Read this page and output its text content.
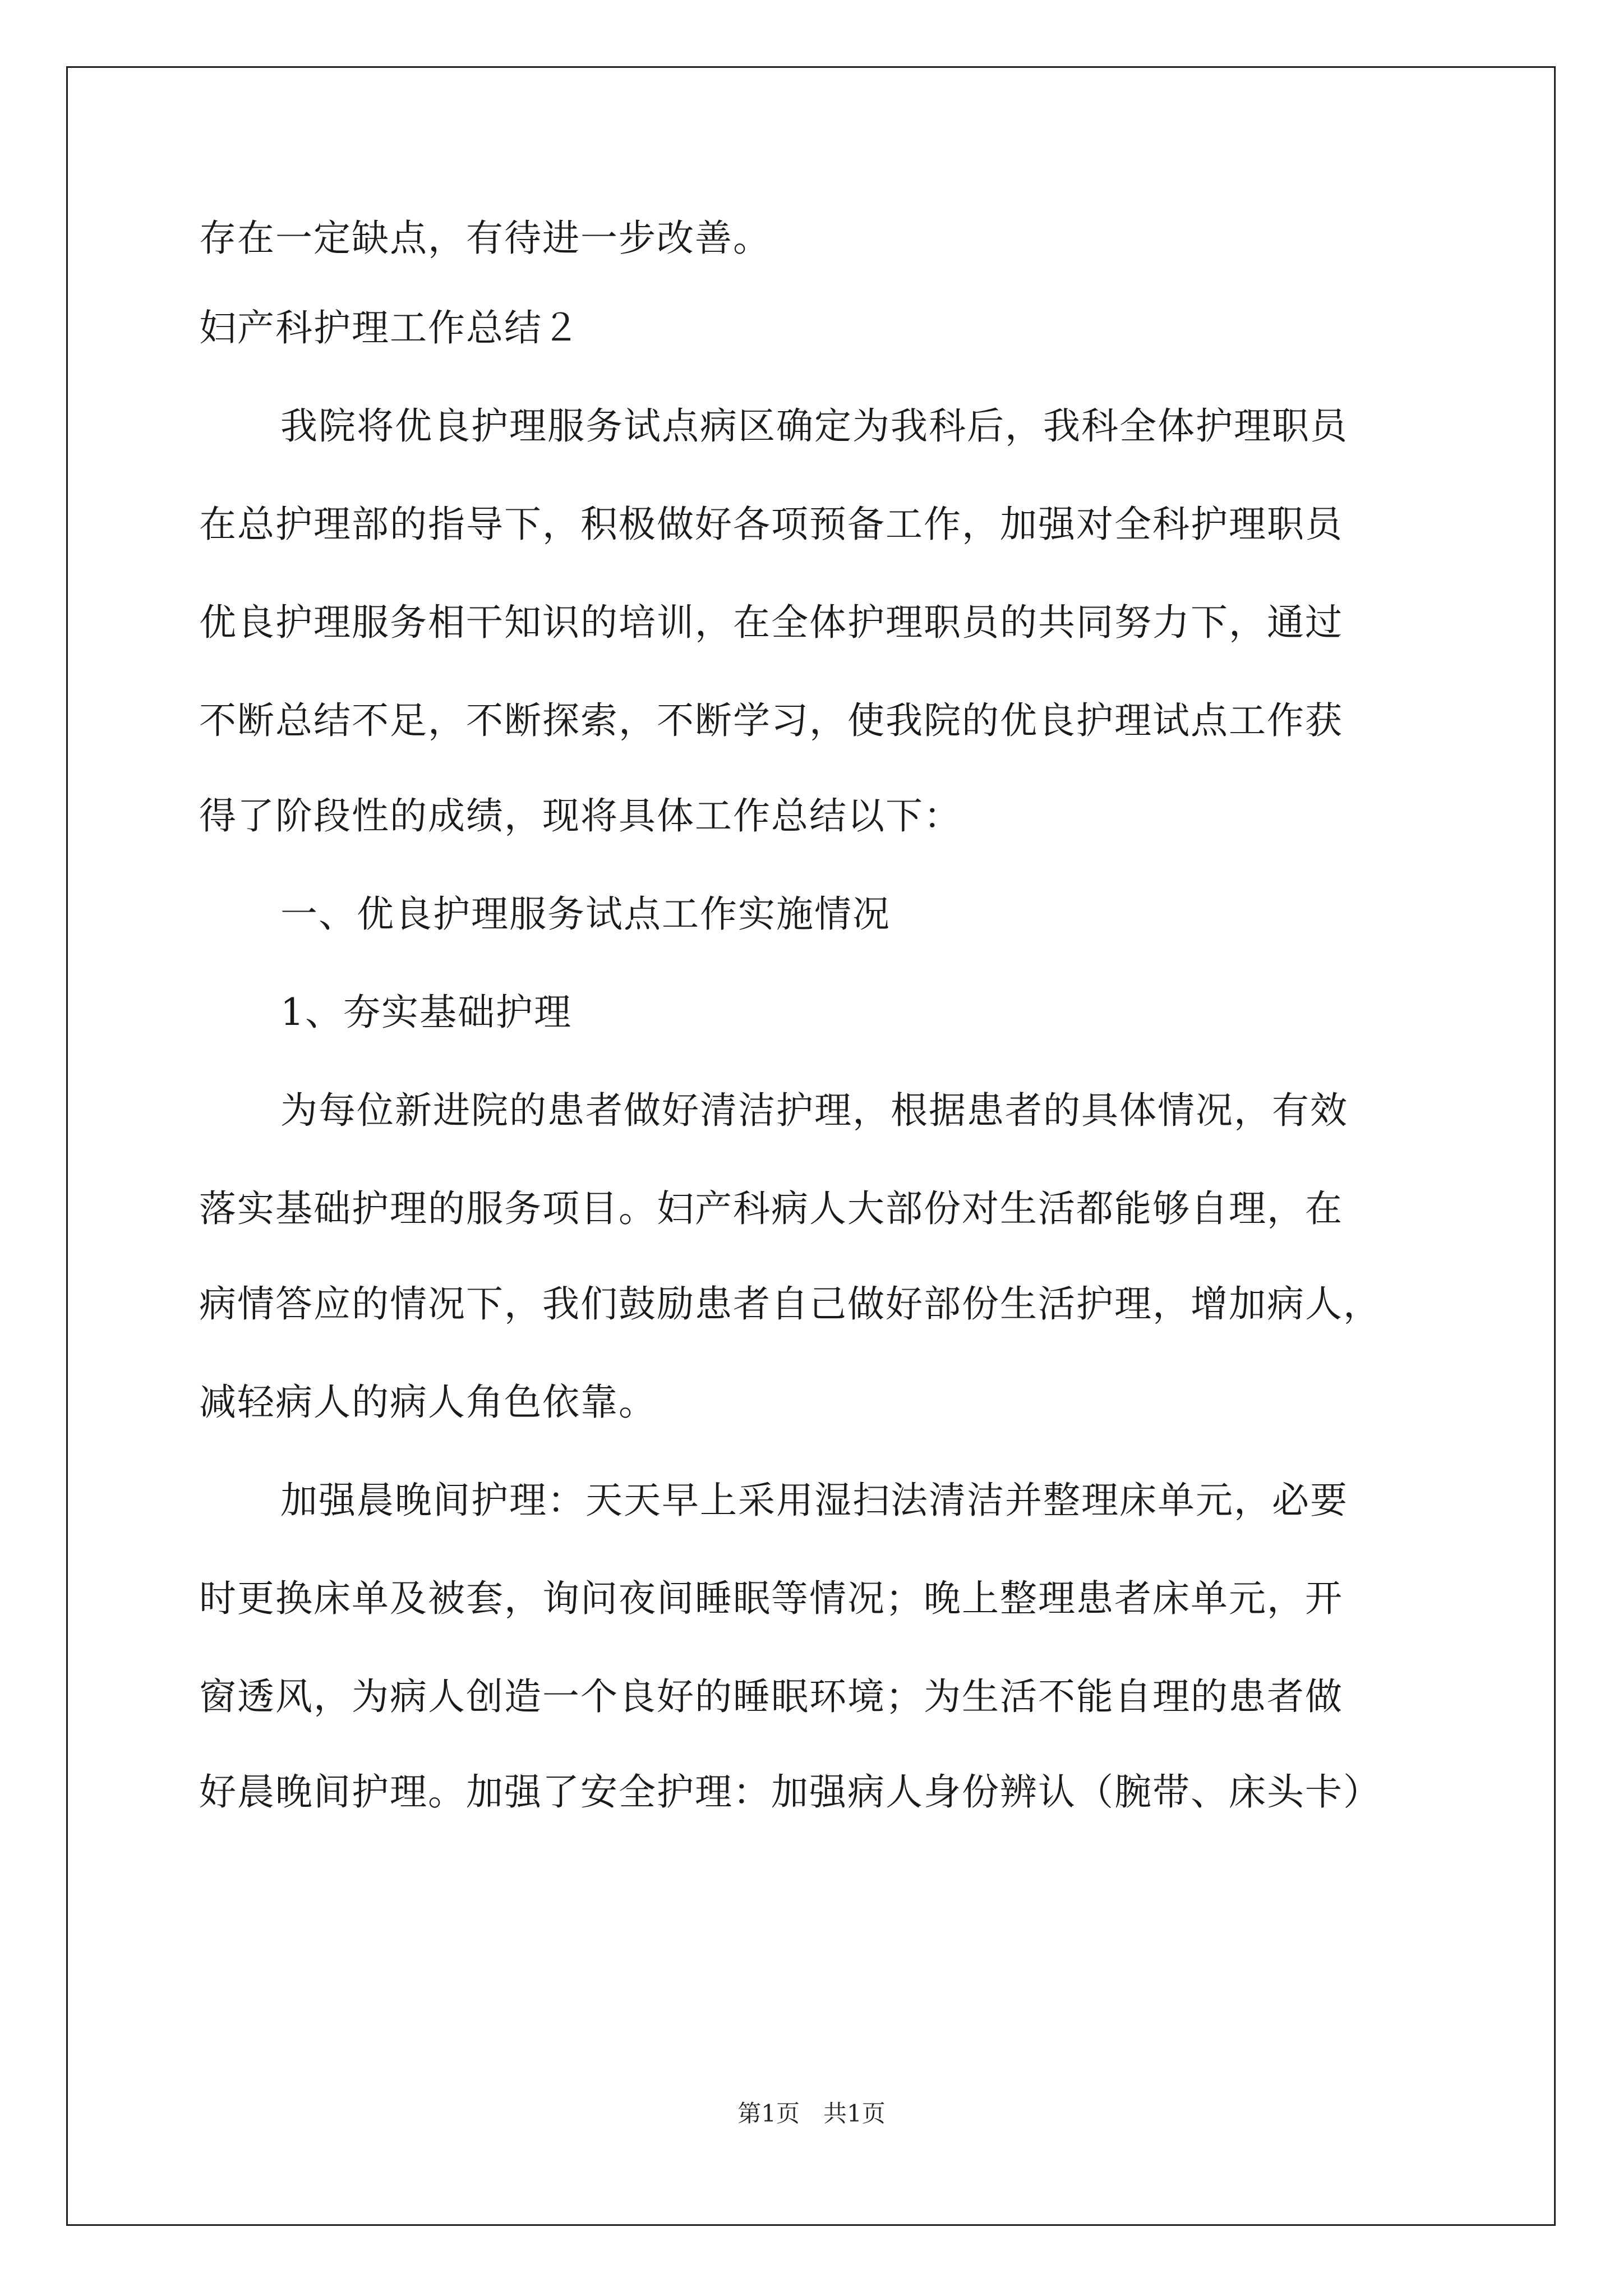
存在一定缺点，有待进一步改善。
妇产科护理工作总结２
我院将优良护理服务试点病区确定为我科后，我科全体护理职员
在总护理部的指导下，积极做好各项预备工作，加强对全科护理职员
优良护理服务相干知识的培训，在全体护理职员的共同努力下，通过
不断总结不足，不断探索，不断学习，使我院的优良护理试点工作获
得了阶段性的成绩，现将具体工作总结以下：
一、优良护理服务试点工作实施情况
1、夯实基础护理
为每位新进院的患者做好清洁护理，根据患者的具体情况，有效
落实基础护理的服务项目。妇产科病人大部份对生活都能够自理，在
病情答应的情况下，我们鼓励患者自己做好部份生活护理，增加病人，
减轻病人的病人角色依靠。
加强晨晚间护理：天天早上采用湿扫法清洁并整理床单元，必要
时更换床单及被套，询问夜间睡眠等情况；晚上整理患者床单元，开
窗透风，为病人创造一个良好的睡眠环境；为生活不能自理的患者做
好晨晚间护理。加强了安全护理：加强病人身份辨认（腕带、床头卡）
第1页　共1页
